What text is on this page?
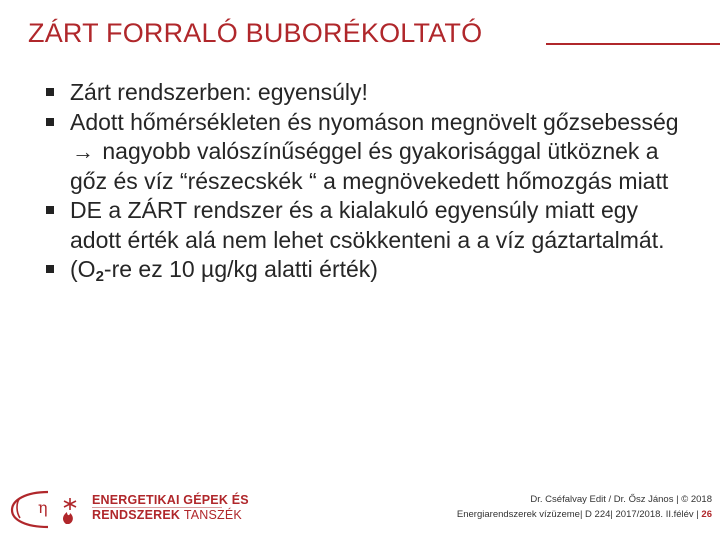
ZÁRT FORRALÓ BUBORÉKOLTATÓ
Zárt rendszerben: egyensúly!
Adott hőmérsékleten és nyomáson megnövelt gőzsebesség → nagyobb valószínűséggel és gyakorisággal ütköznek a gőz és víz “részecskék “ a megnövekedett hőmozgás miatt
DE a ZÁRT rendszer és a kialakuló egyensúly miatt egy adott érték alá nem lehet csökkenteni a a víz gáztartalmát.
($O_2-re$ ez 10 µg/kg alatti érték)
η	ENERGETIKAI GÉPEK ÉS
RENDSZEREK TANSZÉK
Dr. Cséfalvay Edit / Dr. Ősz János | © 2018
Energiarendszerek vízüzeme| D 224| 2017/2018. II.félév | 26
